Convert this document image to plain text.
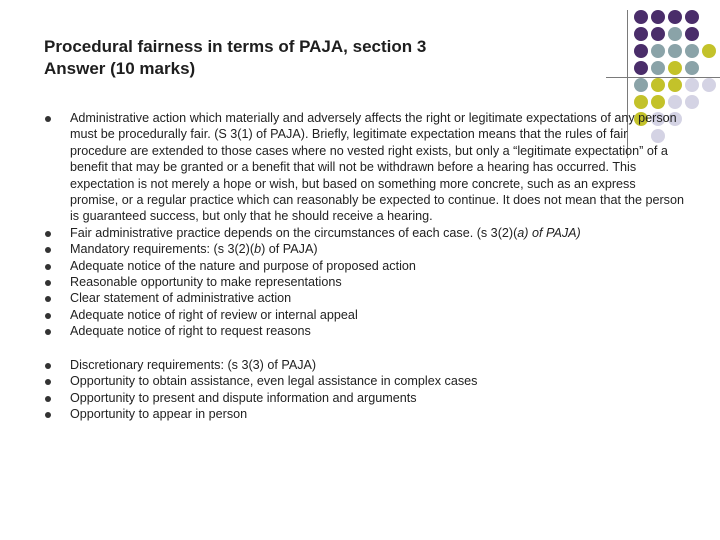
Procedural fairness in terms of PAJA, section 3
Answer (10 marks)
Administrative action which materially and adversely affects the right or legitimate expectations of any person must be procedurally fair. (S 3(1) of PAJA). Briefly, legitimate expectation means that the rules of fair procedure are extended to those cases where no vested right exists, but only a “legitimate expectation” of a benefit that may be granted or a benefit that will not be withdrawn before a hearing has occurred. This expectation is not merely a hope or wish, but based on something more concrete, such as an express promise, or a regular practice which can reasonably be expected to continue. It does not mean that the person is guaranteed success, but only that he should receive a hearing.
Fair administrative practice depends on the circumstances of each case. (s 3(2)(a) of PAJA)
Mandatory requirements: (s 3(2)(b) of PAJA)
Adequate notice of the nature and purpose of proposed action
Reasonable opportunity to make representations
Clear statement of administrative action
Adequate notice of right of review or internal appeal
Adequate notice of right to request reasons
Discretionary requirements: (s 3(3) of PAJA)
Opportunity to obtain assistance, even legal assistance in complex cases
Opportunity to present and dispute information and arguments
Opportunity to appear in person
